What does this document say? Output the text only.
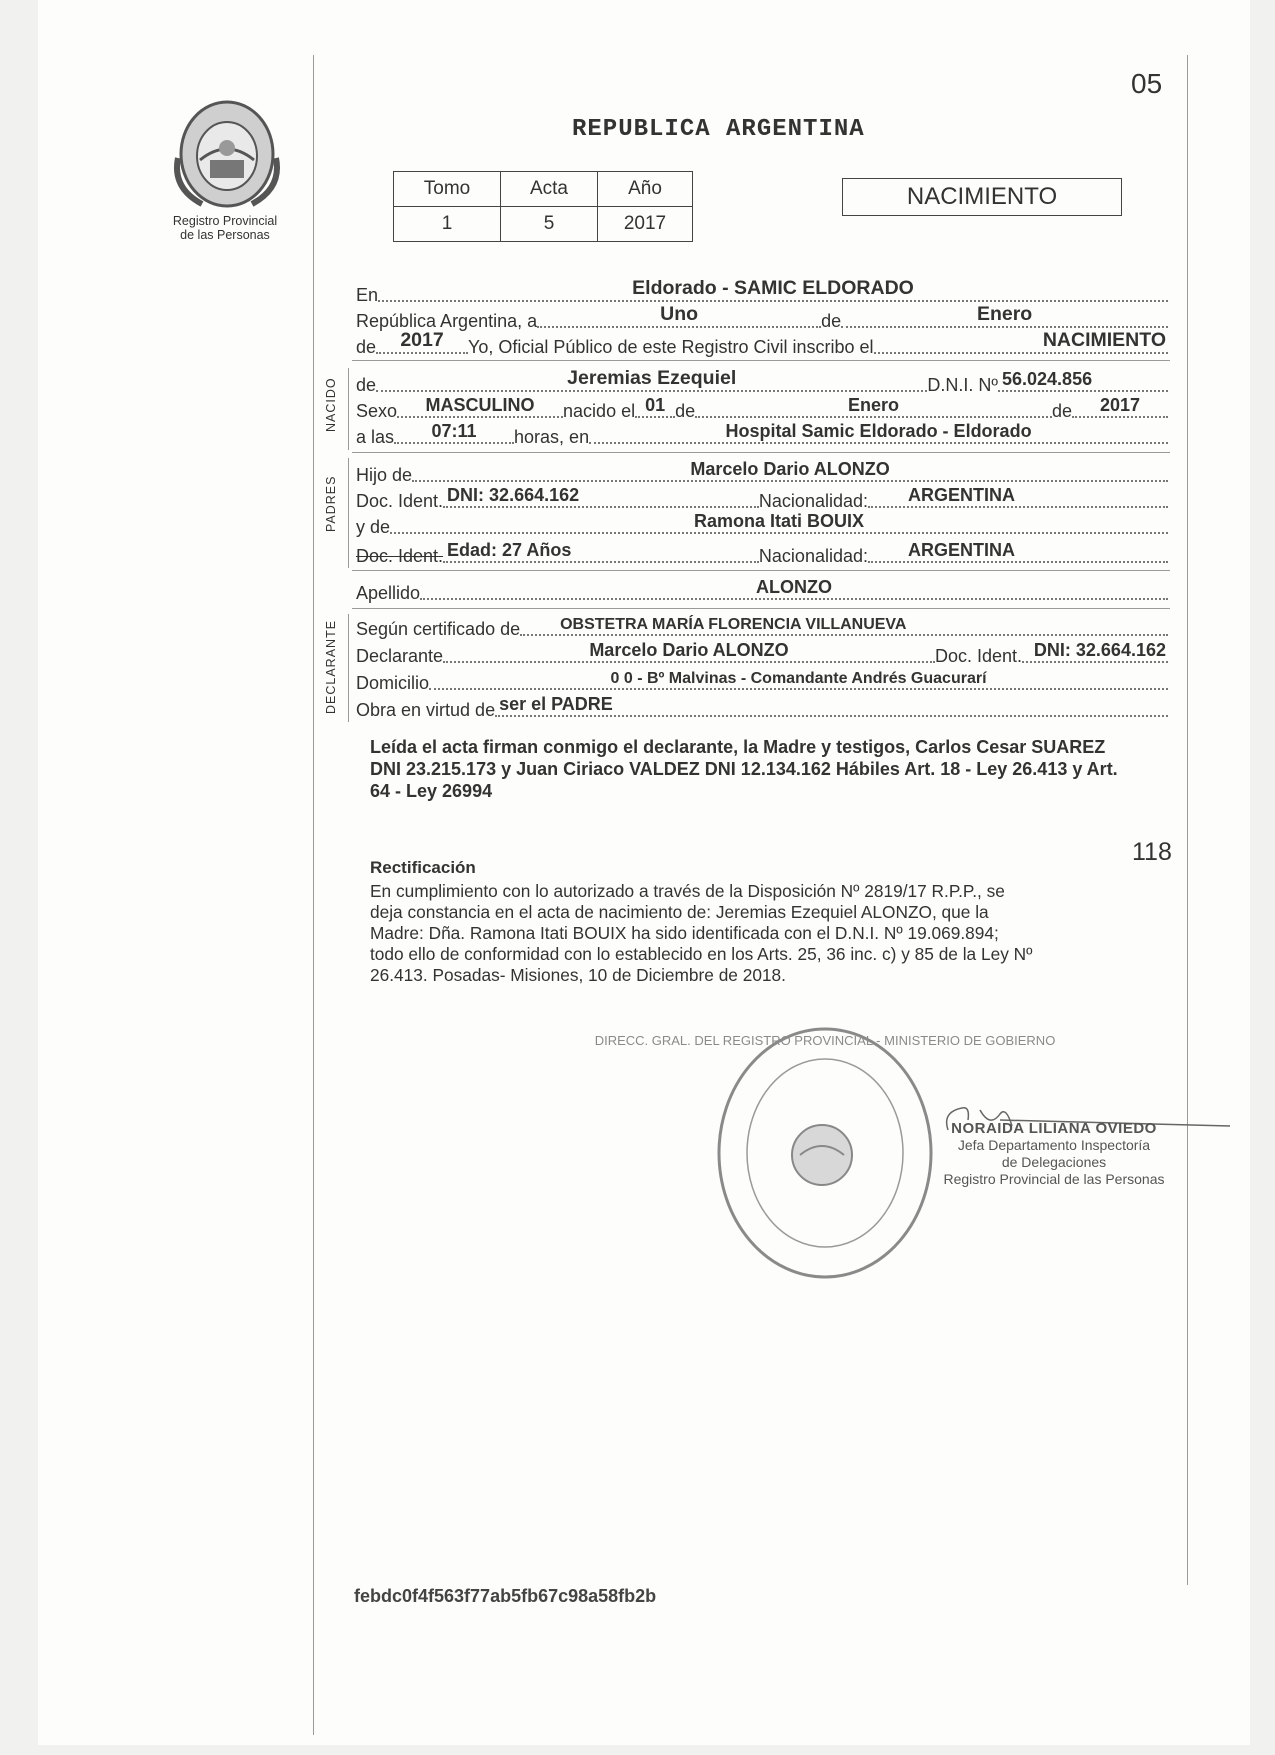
05
Registro Provincial
de las Personas
REPUBLICA ARGENTINA
Tomo	Acta	Año
1	5	2017
NACIMIENTO
En	Eldorado - SAMIC ELDORADO
República Argentina, a	Uno	de	Enero
de	2017	Yo, Oficial Público de este Registro Civil inscribo el	NACIMIENTO
de	Jeremias Ezequiel	D.N.I. Nº 56.024.856
Sexo	MASCULINO	nacido el 01 de	Enero	de	2017
a las	07:11	horas, en	Hospital Samic Eldorado - Eldorado
Hijo de	Marcelo Dario ALONZO
Doc. Ident. DNI: 32.664.162	Nacionalidad: ARGENTINA
y de	Ramona Itati BOUIX
Doc. Ident. Edad: 27 Años	Nacionalidad: ARGENTINA
Apellido	ALONZO
Según certificado de	OBSTETRA MARÍA FLORENCIA VILLANUEVA
Declarante	Marcelo Dario ALONZO	Doc. Ident. DNI: 32.664.162
Domicilio	0 0 - Bº Malvinas - Comandante Andrés Guacurarí
Obra en virtud de ser el PADRE
NACIDO
PADRES
DECLARANTE
Leída el acta firman conmigo el declarante, la Madre y testigos, Carlos Cesar SUAREZ DNI 23.215.173 y Juan Ciriaco VALDEZ DNI 12.134.162 Hábiles Art. 18 - Ley 26.413 y Art. 64 - Ley 26994
118
Rectificación
En cumplimiento con lo autorizado a través de la Disposición Nº 2819/17 R.P.P., se
deja constancia en el acta de nacimiento de: Jeremias Ezequiel ALONZO, que la
Madre: Dña. Ramona Itati BOUIX ha sido identificada con el D.N.I. Nº 19.069.894;
todo ello de conformidad con lo establecido en los Arts. 25, 36 inc. c) y 85 de la Ley Nº
26.413. Posadas- Misiones, 10 de Diciembre de 2018.
DIRECC. GRAL. DEL REGISTRO PROVINCIAL - MINISTERIO DE GOBIERNO
NORAIDA LILIANA OVIEDO
Jefa Departamento Inspectoría
de Delegaciones
Registro Provincial de las Personas
febdc0f4f563f77ab5fb67c98a58fb2b
